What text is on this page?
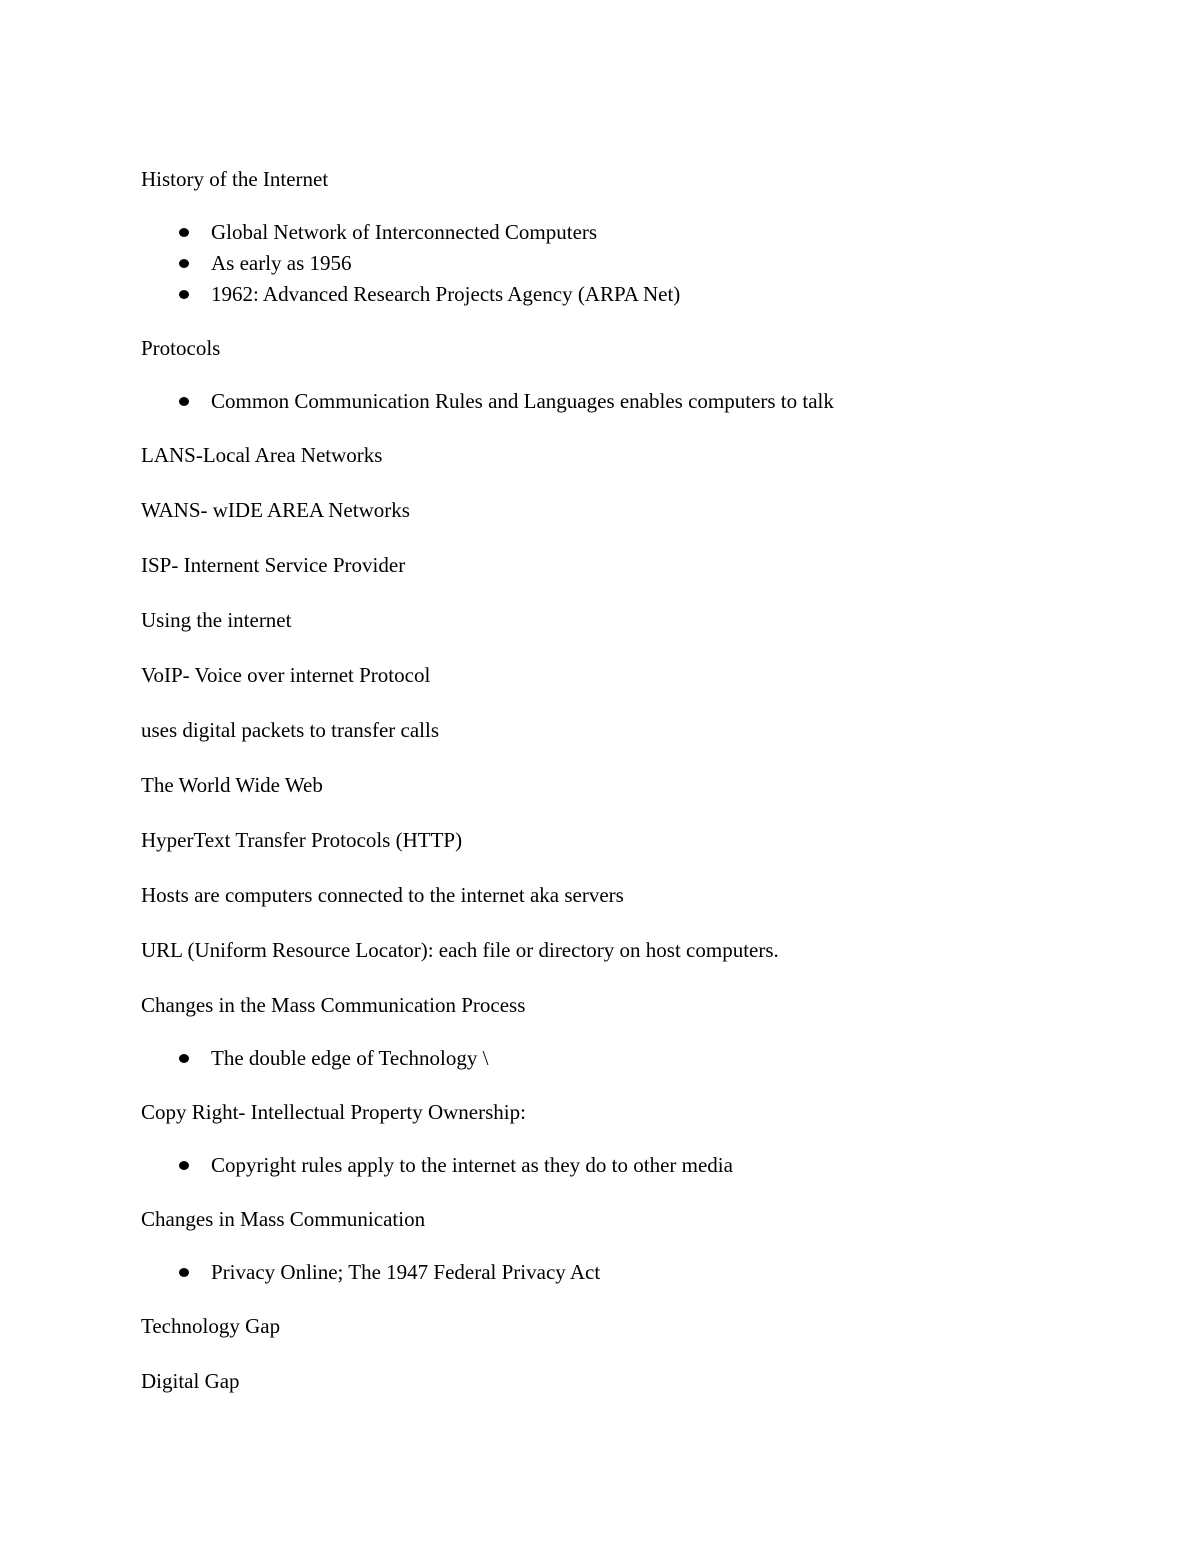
History of the Internet

Global Network of Interconnected Computers
As early as 1956
1962: Advanced Research Projects Agency (ARPA Net)

Protocols

Common Communication Rules and Languages enables computers to talk

LANS-Local Area Networks

WANS- wIDE AREA Networks

ISP- Internent Service Provider

Using the internet

VoIP- Voice over internet Protocol

uses digital packets to transfer calls

The World Wide Web

HyperText Transfer Protocols (HTTP)

Hosts are computers connected to the internet aka servers

URL (Uniform Resource Locator): each file or directory on host computers.

Changes in the Mass Communication Process

The double edge of Technology \

Copy Right- Intellectual Property Ownership:

Copyright rules apply to the internet as they do to other media

Changes in Mass Communication

Privacy Online; The 1947 Federal Privacy Act

Technology Gap

Digital Gap
